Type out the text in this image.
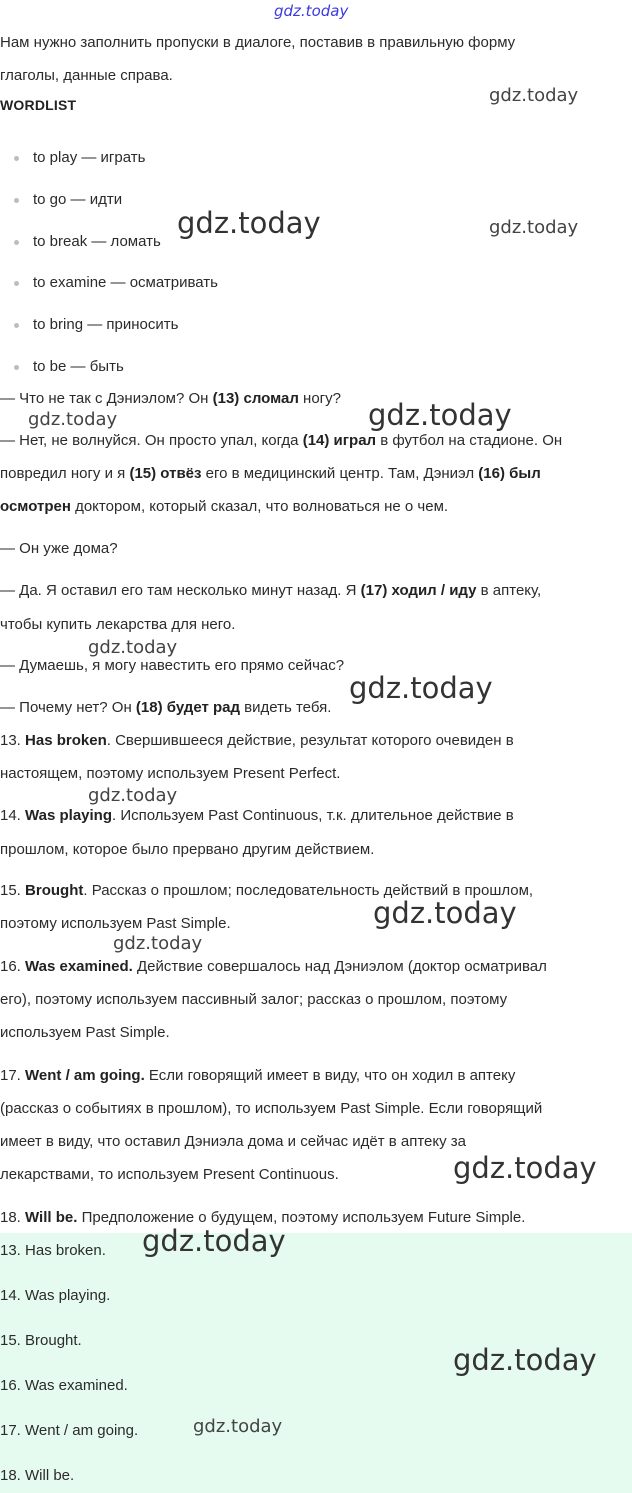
gdz.today
Нам нужно заполнить пропуски в диалоге, поставив в правильную форму
глаголы, данные справа.
WORDLIST
to play — играть
to go — идти
to break — ломать
to examine — осматривать
to bring — приносить
to be — быть
— Что не так с Дэниэлом? Он (13) сломал ногу?
— Нет, не волнуйся. Он просто упал, когда (14) играл в футбол на стадионе. Он
повредил ногу и я (15) отвёз его в медицинский центр. Там, Дэниэл (16) был
осмотрен доктором, который сказал, что волноваться не о чем.
— Он уже дома?
— Да. Я оставил его там несколько минут назад. Я (17) ходил / иду в аптеку,
чтобы купить лекарства для него.
— Думаешь, я могу навестить его прямо сейчас?
— Почему нет? Он (18) будет рад видеть тебя.
13. Has broken. Свершившееся действие, результат которого очевиден в
настоящем, поэтому используем Present Perfect.
14. Was playing. Используем Past Continuous, т.к. длительное действие в
прошлом, которое было прервано другим действием.
15. Brought. Рассказ о прошлом; последовательность действий в прошлом,
поэтому используем Past Simple.
16. Was examined. Действие совершалось над Дэниэлом (доктор осматривал
его), поэтому используем пассивный залог; рассказ о прошлом, поэтому
используем Past Simple.
17. Went / am going. Если говорящий имеет в виду, что он ходил в аптеку
(рассказ о событиях в прошлом), то используем Past Simple. Если говорящий
имеет в виду, что оставил Дэниэла дома и сейчас идёт в аптеку за
лекарствами, то используем Present Continuous.
18. Will be. Предположение о будущем, поэтому используем Future Simple.
13. Has broken.
14. Was playing.
15. Brought.
16. Was examined.
17. Went / am going.
18. Will be.
gdz.today
gdz.today	gdz.today
gdz.today	gdz.today
gdz.today
gdz.today
gdz.today
gdz.today
gdz.today
gdz.today
gdz.today
gdz.today
gdz.today
